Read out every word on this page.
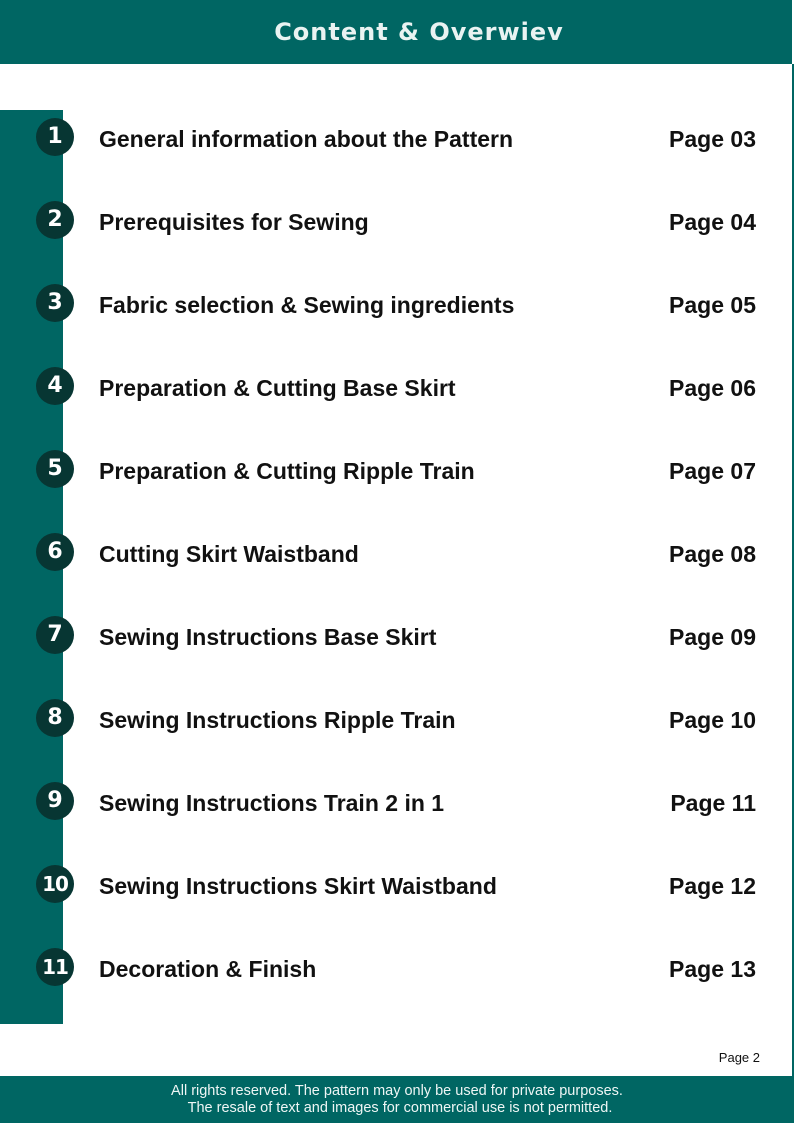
Content & Overwiev
1	General information about the Pattern	Page 03
2	Prerequisites for Sewing	Page 04
3	Fabric selection & Sewing ingredients	Page 05
4	Preparation & Cutting Base Skirt	Page 06
5	Preparation & Cutting Ripple Train	Page 07
6	Cutting Skirt Waistband	Page 08
7	Sewing Instructions Base Skirt	Page 09
8	Sewing Instructions Ripple Train	Page 10
9	Sewing Instructions Train 2 in 1	Page 11
10 Sewing Instructions Skirt Waistband	Page 12
11 Decoration & Finish	Page 13
Page 2
All rights reserved. The pattern may only be used for private purposes.
The resale of text and images for commercial use is not permitted.
